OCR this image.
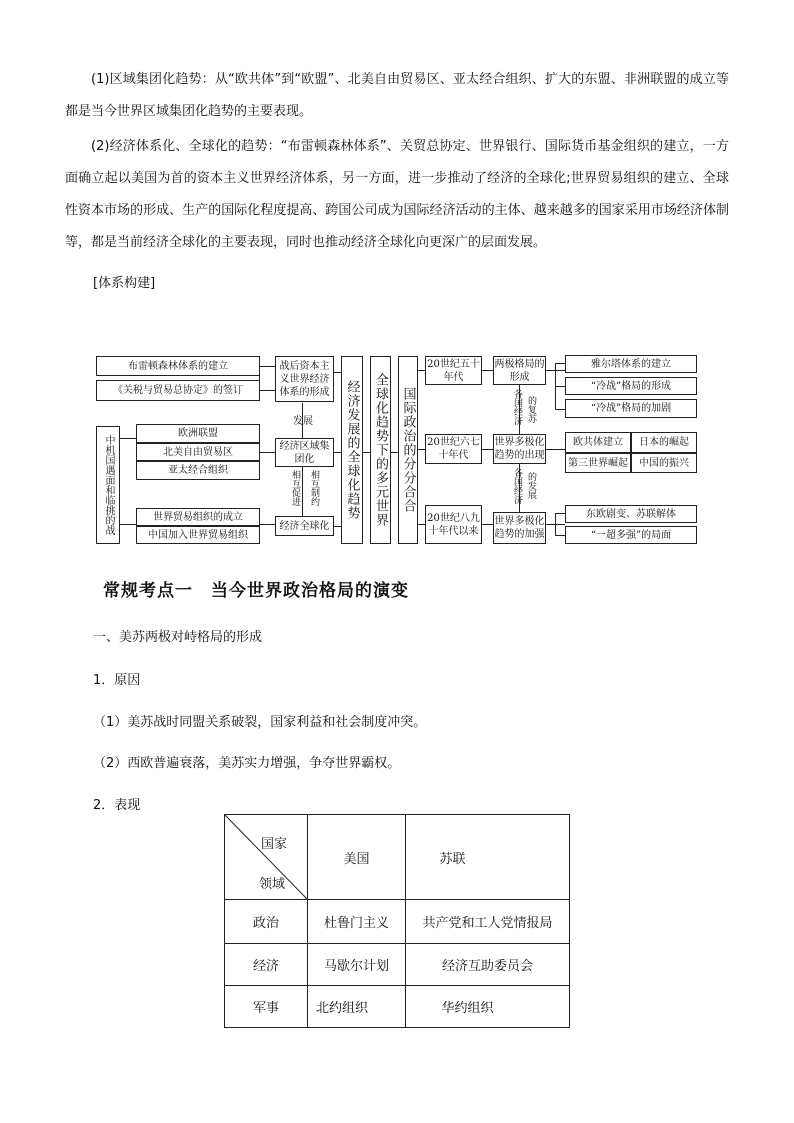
(1)区域集团化趋势：从“欧共体”到“欧盟”、北美自由贸易区、亚太经合组织、扩大的东盟、非洲联盟的成立等都是当今世界区域集团化趋势的主要表现。

(2)经济体系化、全球化的趋势：“布雷顿森林体系”、关贸总协定、世界银行、国际货币基金组织的建立，一方面确立起以美国为首的资本主义世界经济体系，另一方面，进一步推动了经济的全球化;世界贸易组织的建立、全球性资本市场的形成、生产的国际化程度提高、跨国公司成为国际经济活动的主体、越来越多的国家采用市场经济体制等，都是当前经济全球化的主要表现，同时也推动经济全球化向更深广的层面发展。

[体系构建]
布雷顿森林体系的建立
《关税与贸易总协定》的签订
欧洲联盟
北美自由贸易区
亚太经合组织
世界贸易组织的成立
中国加入世界贸易组织
中机国遇面和临挑的战
战后资本主义世界经济体系的形成
发展
经济区域集团化
相互促进 相互制约
经济全球化
经济发展的全球化趋势 全球化趋势下的多元世界 国际政治的分分合合
20世纪五十年代
20世纪六七十年代
20世纪八九十年代以来
两极格局的形成
各国经济 的复苏
世界多极化趋势的出现
各国经济 的发展
世界多极化趋势的加强
雅尔塔体系的建立
“冷战”格局的形成
“冷战”格局的加剧
欧共体建立	日本的崛起
第三世界崛起	中国的振兴
东欧剧变、苏联解体
“一超多强”的局面
常规考点一　当今世界政治格局的演变
一、美苏两极对峙格局的形成
1．原因
（1）美苏战时同盟关系破裂，国家利益和社会制度冲突。
（2）西欧普遍衰落，美苏实力增强，争夺世界霸权。
2．表现
国家
领域	美国	苏联
政治	杜鲁门主义	共产党和工人党情报局
经济	马歇尔计划	经济互助委员会
军事	北约组织	华约组织
